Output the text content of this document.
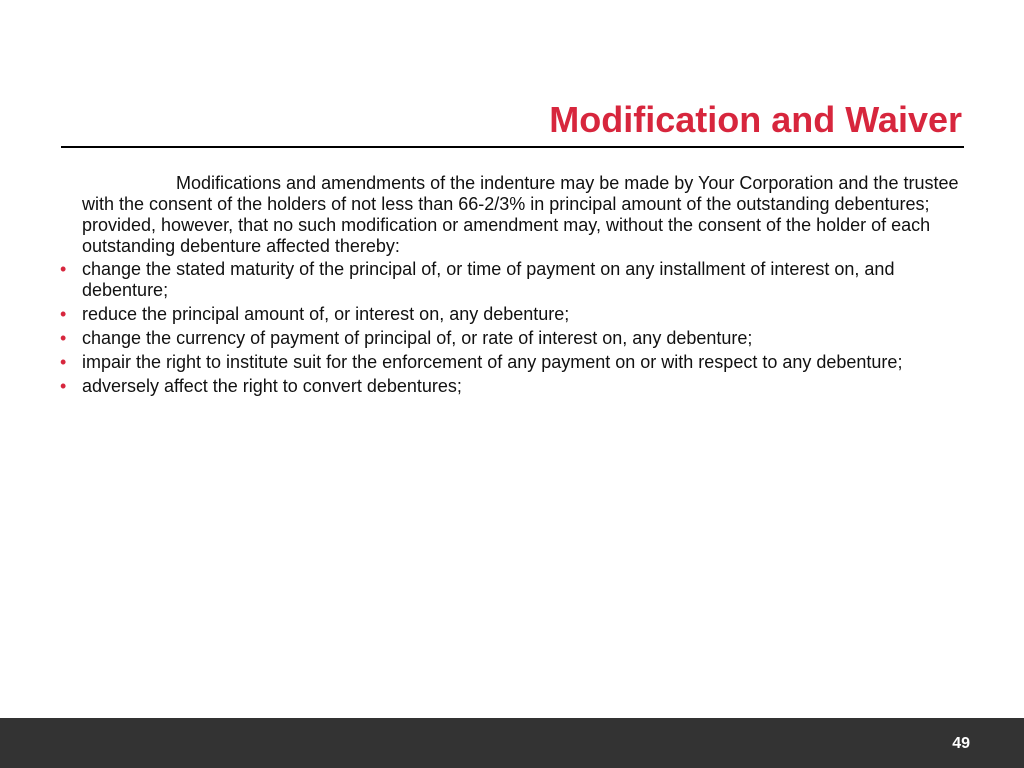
Modification and Waiver

Modifications and amendments of the indenture may be made by Your Corporation and the trustee with the consent of the holders of not less than 66-2/3% in principal amount of the outstanding debentures; provided, however, that no such modification or amendment may, without the consent of the holder of each outstanding debenture affected thereby:

• change the stated maturity of the principal of, or time of payment on any installment of interest on, and debenture;
• reduce the principal amount of, or interest on, any debenture;
• change the currency of payment of principal of, or rate of interest on, any debenture;
• impair the right to institute suit for the enforcement of any payment on or with respect to any debenture;
• adversely affect the right to convert debentures;
49
